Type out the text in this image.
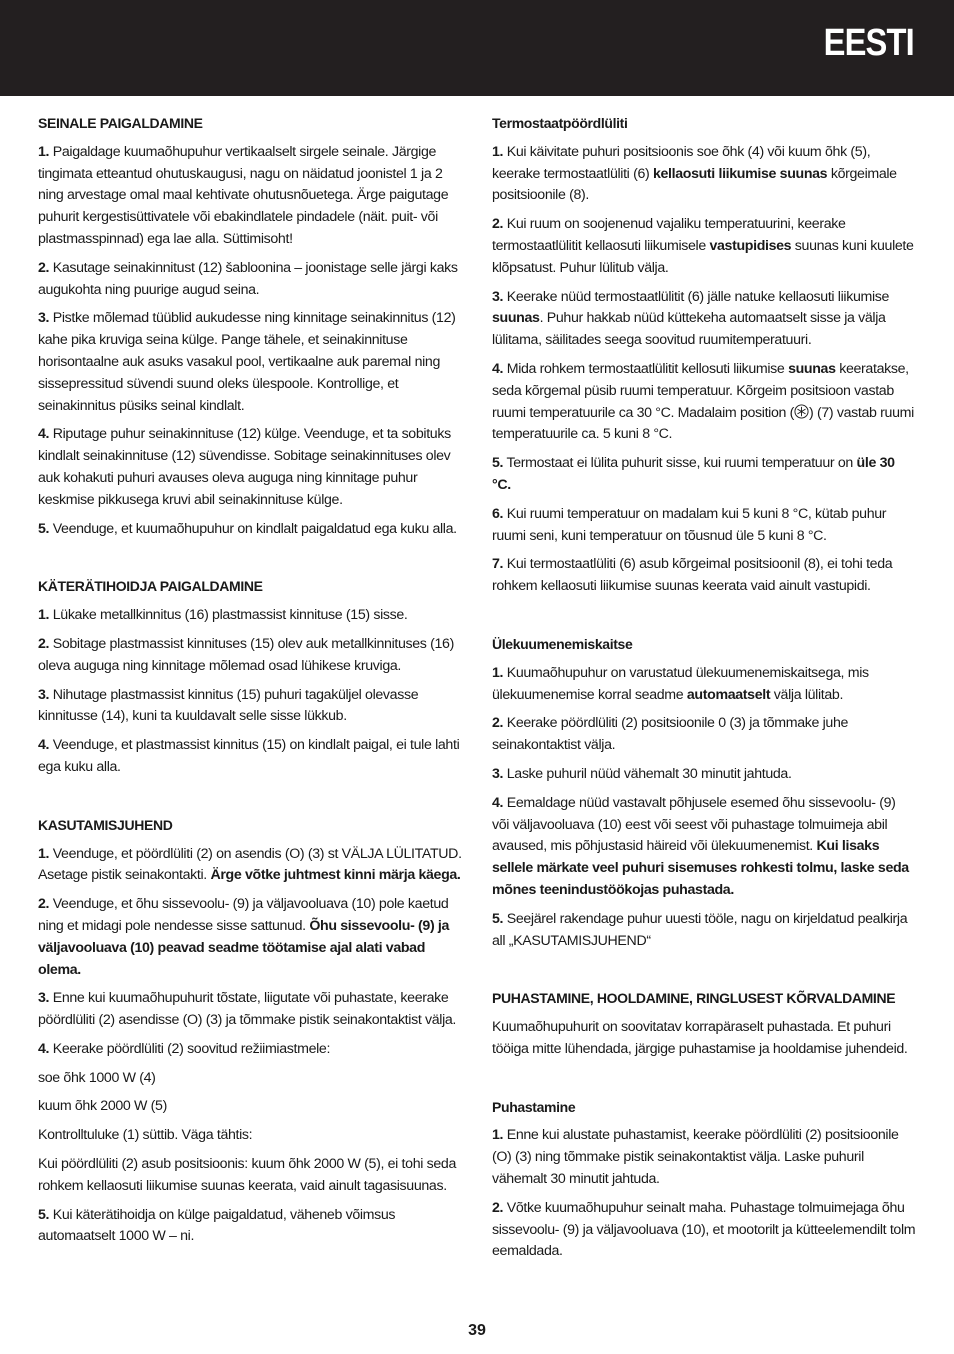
EESTI
SEINALE PAIGALDAMINE

1. Paigaldage kuumaõhupuhur vertikaalselt sirgele seinale. Järgige tingimata etteantud ohutuskaugusi, nagu on näidatud joonistel 1 ja 2 ning arvestage omal maal kehtivate ohutusnõuetega. Ärge paigutage puhurit kergestisüttivatele või ebakindlatele pindadele (näit. puit- või plastmasspinnad) ega lae alla. Süttimisoht!

2. Kasutage seinakinnitust (12) šabloonina – joonistage selle järgi kaks augukohta ning puurige augud seina.

3. Pistke mõlemad tüüblid aukudesse ning kinnitage seinakinnitus (12) kahe pika kruviga seina külge. Pange tähele, et seinakinnituse horisontaalne auk asuks vasakul pool, vertikaalne auk paremal ning sissepressitud süvendi suund oleks ülespoole. Kontrollige, et seinakinnitus püsiks seinal kindlalt.

4. Riputage puhur seinakinnituse (12) külge. Veenduge, et ta sobituks kindlalt seinakinnituse (12) süvendisse. Sobitage seinakinnituses olev auk kohakuti puhuri avauses oleva auguga ning kinnitage puhur keskmise pikkusega kruvi abil seinakinnituse külge.

5. Veenduge, et kuumaõhupuhur on kindlalt paigaldatud ega kuku alla.

KÄTERÄTIHOIDJA PAIGALDAMINE

1. Lükake metallkinnitus (16) plastmassist kinnituse (15) sisse.

2. Sobitage plastmassist kinnituses (15) olev auk metallkinnituses (16) oleva auguga ning kinnitage mõlemad osad lühikese kruviga.

3. Nihutage plastmassist kinnitus (15) puhuri tagaküljel olevasse kinnitusse (14), kuni ta kuuldavalt selle sisse lükkub.

4. Veenduge, et plastmassist kinnitus (15) on kindlalt paigal, ei tule lahti ega kuku alla.

KASUTAMISJUHEND

1. Veenduge, et pöördlüliti (2) on asendis (O) (3) st VÄLJA LÜLITATUD. Asetage pistik seinakontakti. Ärge võtke juhtmest kinni märja käega.

2. Veenduge, et õhu sissevoolu- (9) ja väljavooluava (10) pole kaetud ning et midagi pole nendesse sisse sattunud. Õhu sissevoolu- (9) ja väljavooluava (10) peavad seadme töötamise ajal alati vabad olema.

3. Enne kui kuumaõhupuhurit tõstate, liigutate või puhastate, keerake pöördlüliti (2) asendisse (O) (3) ja tõmmake pistik seinakontaktist välja.

4. Keerake pöördlüliti (2) soovitud režiimiastmele:

soe õhk 1000 W (4)

kuum õhk 2000 W (5)

Kontrolltuluke (1) süttib. Väga tähtis:

Kui pöördlüliti (2) asub positsioonis: kuum õhk 2000 W (5), ei tohi seda rohkem kellaosuti liikumise suunas keerata, vaid ainult tagasisuunas.

5. Kui käterätihoidja on külge paigaldatud, väheneb võimsus automaatselt 1000 W – ni.

Termostaatpöördlüliti

1. Kui käivitate puhuri positsioonis soe õhk (4) või kuum õhk (5), keerake termostaatlüliti (6) kellaosuti liikumise suunas kõrgeimale positsioonile (8).

2. Kui ruum on soojenenud vajaliku temperatuurini, keerake termostaatlülitit kellaosuti liikumisele vastupidises suunas kuni kuulete klõpsatust. Puhur lülitub välja.

3. Keerake nüüd termostaatlülitit (6) jälle natuke kellaosuti liikumise suunas. Puhur hakkab nüüd küttekeha automaatselt sisse ja välja lülitama, säilitades seega soovitud ruumitemperatuuri.

4. Mida rohkem termostaatlülitit kellosuti liikumise suunas keeratakse, seda kõrgemal püsib ruumi temperatuur. Kõrgeim positsioon vastab ruumi temperatuurile ca 30 °C. Madalaim position ( ) (7) vastab ruumi temperatuurile ca. 5 kuni 8 °C.

5. Termostaat ei lülita puhurit sisse, kui ruumi temperatuur on üle 30 °C.

6. Kui ruumi temperatuur on madalam kui 5 kuni 8 °C, kütab puhur ruumi seni, kuni temperatuur on tõusnud üle 5 kuni 8 °C.

7. Kui termostaatlüliti (6) asub kõrgeimal positsioonil (8), ei tohi teda rohkem kellaosuti liikumise suunas keerata vaid ainult vastupidi.

Ülekuumenemiskaitse

1. Kuumaõhupuhur on varustatud ülekuumenemiskaitsega, mis ülekuumenemise korral seadme automaatselt välja lülitab.

2. Keerake pöördlüliti (2) positsioonile 0 (3) ja tõmmake juhe seinakontaktist välja.

3. Laske puhuril nüüd vähemalt 30 minutit jahtuda.

4. Eemaldage nüüd vastavalt põhjusele esemed õhu sissevoolu- (9) või väljavooluava (10) eest või seest või puhastage tolmuimeja abil avaused, mis põhjustasid häireid või ülekuumenemist. Kui lisaks sellele märkate veel puhuri sisemuses rohkesti tolmu, laske seda mõnes teenindustöökojas puhastada.

5. Seejärel rakendage puhur uuesti tööle, nagu on kirjeldatud pealkirja all „KASUTAMISJUHEND“

PUHASTAMINE, HOOLDAMINE, RINGLUSEST KÕRVALDAMINE

Kuumaõhupuhurit on soovitatav korrapäraselt puhastada. Et puhuri tööiga mitte lühendada, järgige puhastamise ja hooldamise juhendeid.

Puhastamine

1. Enne kui alustate puhastamist, keerake pöördlüliti (2) positsioonile (O) (3) ning tõmmake pistik seinakontaktist välja. Laske puhuril vähemalt 30 minutit jahtuda.

2. Võtke kuumaõhupuhur seinalt maha. Puhastage tolmuimejaga õhu sissevoolu- (9) ja väljavooluava (10), et mootorilt ja kütteelemendilt tolm eemaldada.

39
